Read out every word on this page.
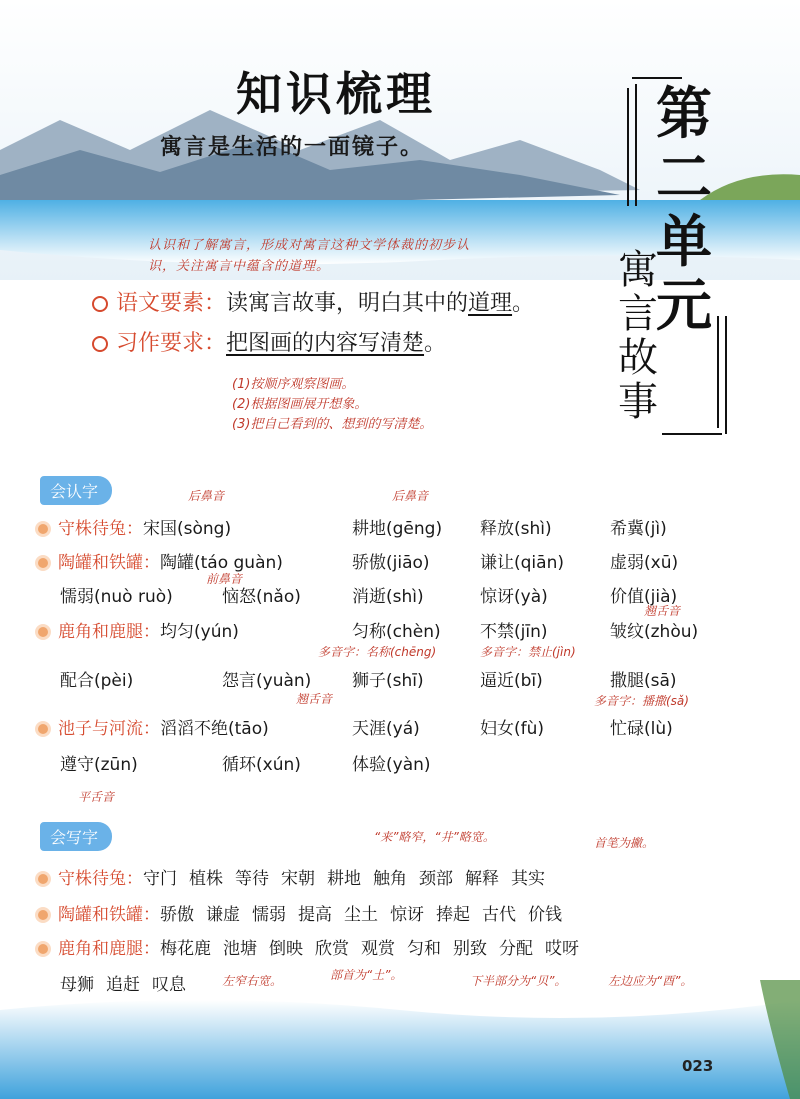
知识梳理
寓言是生活的一面镜子。
第二单元
寓言故事
认识和了解寓言，形成对寓言这种文学体裁的初步认
识，关注寓言中蕴含的道理。
语文要素：读寓言故事，明白其中的道理。
习作要求：把图画的内容写清楚。
(1)按顺序观察图画。
(2)根据图画展开想象。
(3)把自己看到的、想到的写清楚。
会认字	后鼻音	后鼻音
守株待兔：宋国(sòng)	耕地(gēng) 释放(shì)	希冀(jì)
陶罐和铁罐：陶罐(táo guàn)
前鼻音
骄傲(jiāo)	谦让(qiān)	虚弱(xū)
懦弱(nuò ruò)	恼怒(nǎo)	消逝(shì)	惊讶(yà)	价值(jià)
翘舌音
鹿角和鹿腿：均匀(yún)	匀称(chèn) 不禁(jīn)	皱纹(zhòu)
多音字：名称(chēng)	多音字：禁止(jìn)
配合(pèi)	怨言(yuàn) 狮子(shī)	逼近(bī)	撒腿(sā)
翘舌音	多音字：播撒(sǎ)
池子与河流：滔滔不绝(tāo)	天涯(yá)	妇女(fù)	忙碌(lù)
遵守(zūn)	循环(xún)	体验(yàn)
平舌音
会写字	“来”略窄，“井”略宽。	首笔为撇。
守株待兔：守门 植株 等待 宋朝 耕地 触角 颈部 解释 其实
陶罐和铁罐：骄傲 谦虚 懦弱 提高 尘土 惊讶 捧起 古代 价钱
鹿角和鹿腿：梅花鹿 池塘 倒映 欣赏 观赏 匀和 别致 分配 哎呀
母狮 追赶 叹息	左窄右宽。	部首为“土”。	下半部分为“贝”。	左边应为“酉”。
023
